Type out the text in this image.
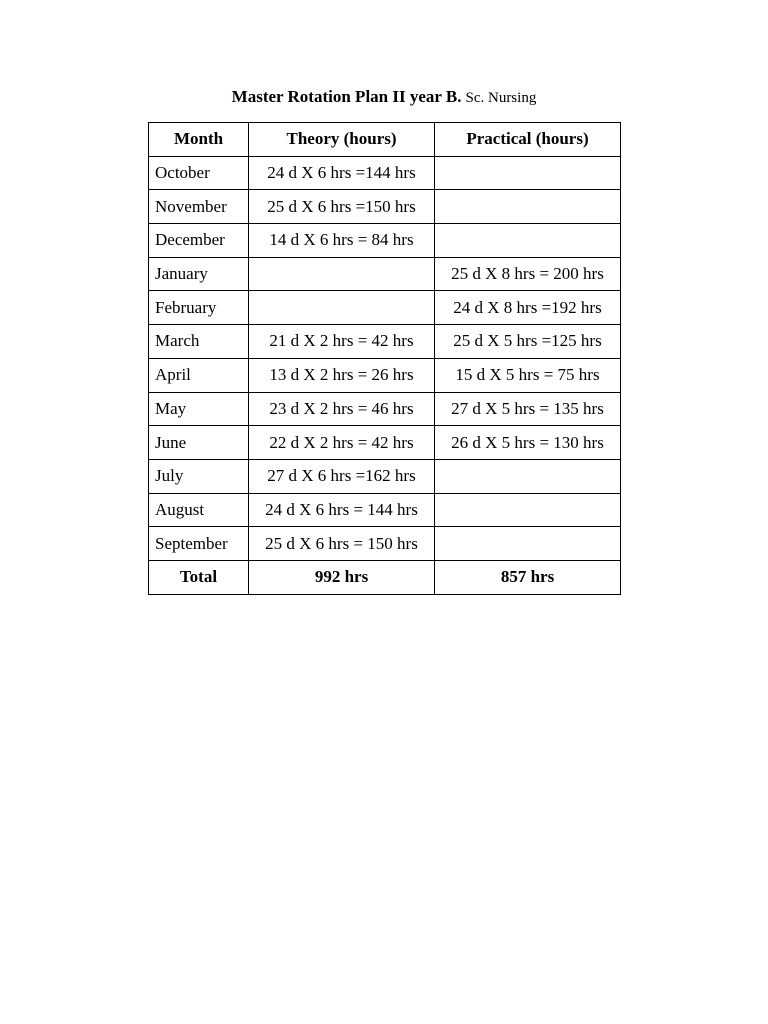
Master Rotation Plan II year B. Sc. Nursing
Month	Theory (hours)	Practical (hours)
October	24 d X 6 hrs =144 hrs	
November	25 d X 6 hrs =150 hrs	
December	14 d X 6 hrs = 84 hrs	
January		25 d X 8 hrs = 200 hrs
February		24 d X 8 hrs =192 hrs
March	21 d X 2 hrs = 42 hrs	25 d X 5 hrs =125 hrs
April	13 d X 2 hrs = 26 hrs	15 d X 5 hrs = 75 hrs
May	23 d X 2 hrs = 46 hrs	27 d X 5 hrs = 135 hrs
June	22 d X 2 hrs = 42 hrs	26 d X 5 hrs = 130 hrs
July	27 d X 6 hrs =162 hrs	
August	24 d X 6 hrs = 144 hrs	
September	25 d X 6 hrs = 150 hrs	
Total	992 hrs	857 hrs
